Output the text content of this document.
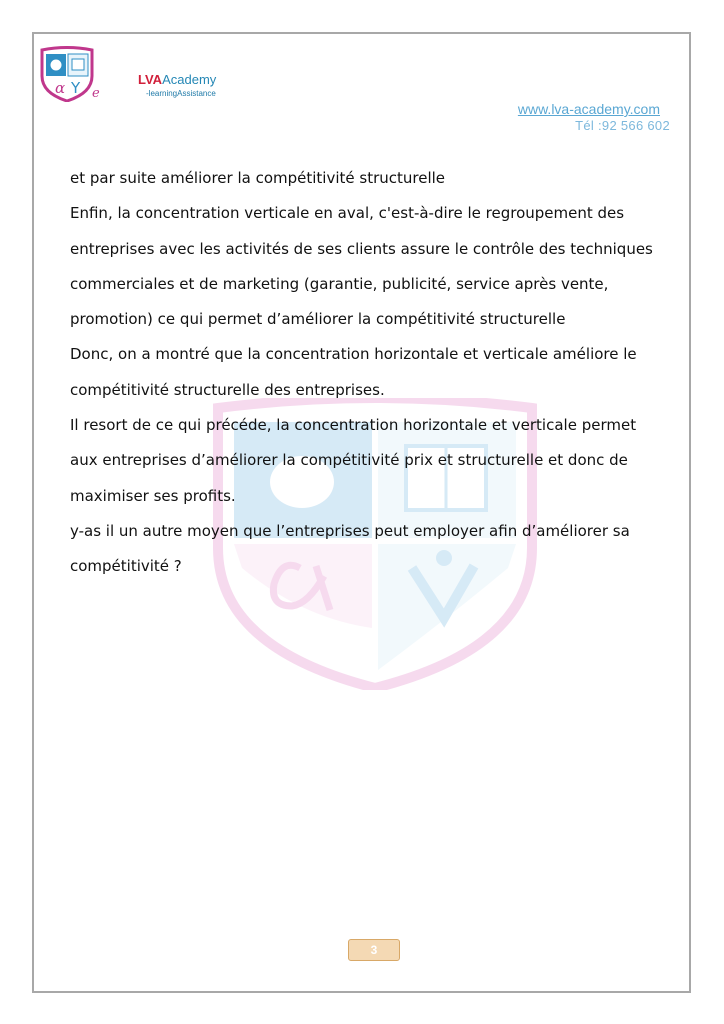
α Y e
LVAAcademy
-learningAssistance
www.lva-academy.com
Tél :92 566 602

et par suite améliorer la compétitivité structurelle

Enfin, la concentration verticale en aval, c'est-à-dire le regroupement des

entreprises avec les activités de ses clients assure le contrôle des techniques

commerciales et de marketing (garantie, publicité, service après vente,

promotion) ce qui permet d’améliorer la compétitivité structurelle

Donc, on a montré que la concentration horizontale et verticale améliore le

compétitivité structurelle des entreprises.

Il resort de ce qui précéde, la concentration horizontale et verticale permet

aux entreprises d’améliorer la compétitivité prix et structurelle et donc de

maximiser ses profits.

y-as il un autre moyen que l’entreprises peut employer afin d’améliorer sa

compétitivité ?

3
